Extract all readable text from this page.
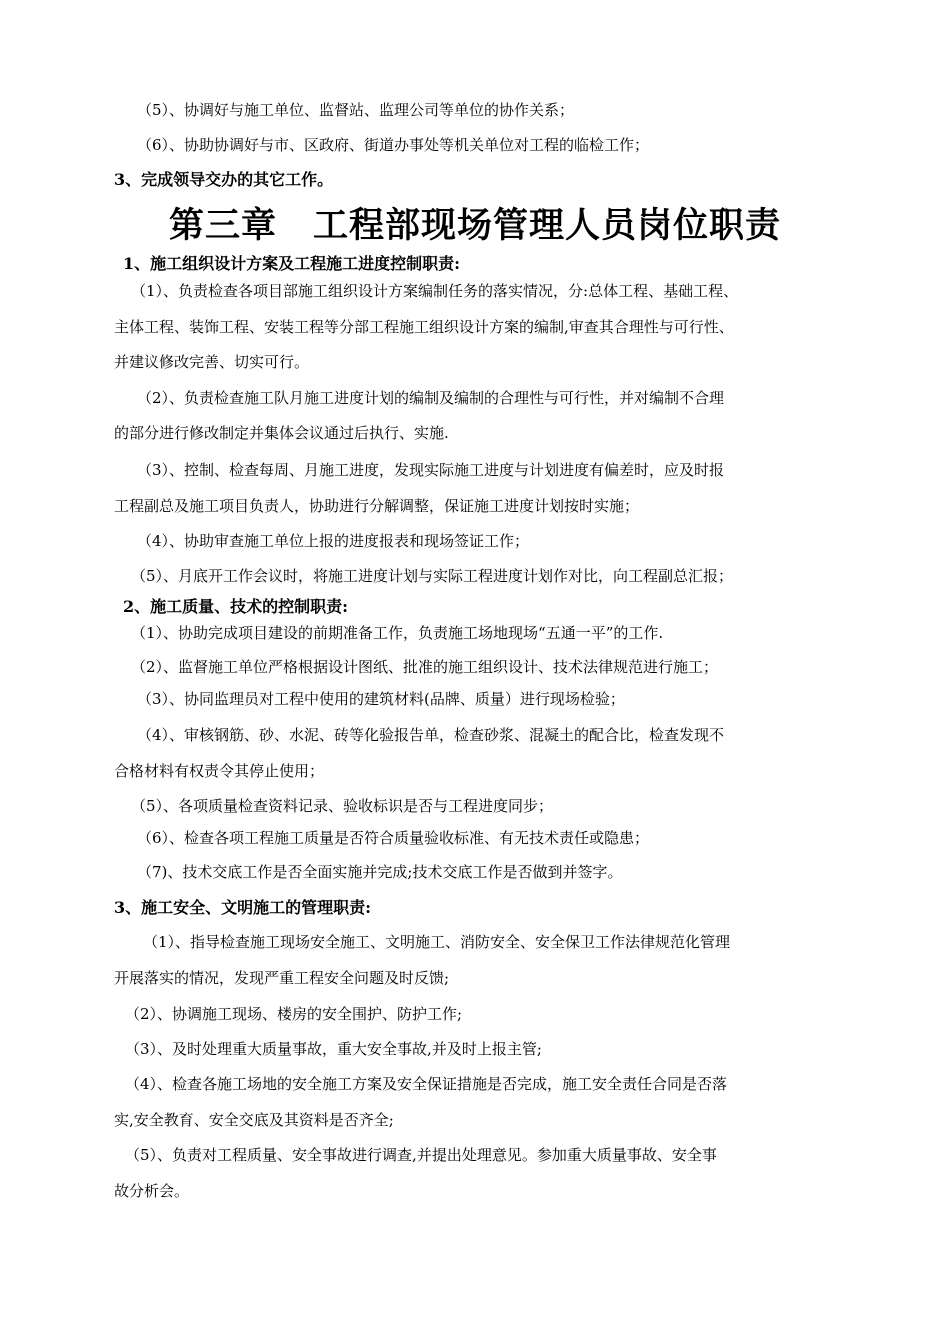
（5）、协调好与施工单位、监督站、监理公司等单位的协作关系；
（6）、协助协调好与市、区政府、街道办事处等机关单位对工程的临检工作；
3、完成领导交办的其它工作。
第三章　工程部现场管理人员岗位职责
1、施工组织设计方案及工程施工进度控制职责:
（1）、负责检查各项目部施工组织设计方案编制任务的落实情况，分:总体工程、基础工程、
主体工程、装饰工程、安装工程等分部工程施工组织设计方案的编制,审查其合理性与可行性、
并建议修改完善、切实可行。
（2）、负责检查施工队月施工进度计划的编制及编制的合理性与可行性，并对编制不合理
的部分进行修改制定并集体会议通过后执行、实施.
（3）、控制、检查每周、月施工进度，发现实际施工进度与计划进度有偏差时，应及时报
工程副总及施工项目负责人，协助进行分解调整，保证施工进度计划按时实施；
（4）、协助审查施工单位上报的进度报表和现场签证工作；
（5）、月底开工作会议时，将施工进度计划与实际工程进度计划作对比，向工程副总汇报；
2、施工质量、技术的控制职责:
（1）、协助完成项目建设的前期准备工作，负责施工场地现场“五通一平”的工作.
（2）、监督施工单位严格根据设计图纸、批准的施工组织设计、技术法律规范进行施工；
（3）、协同监理员对工程中使用的建筑材料(品牌、质量）进行现场检验；
（4）、审核钢筋、砂、水泥、砖等化验报告单，检查砂浆、混凝土的配合比，检查发现不
合格材料有权责令其停止使用；
（5）、各项质量检查资料记录、验收标识是否与工程进度同步；
（6）、检查各项工程施工质量是否符合质量验收标准、有无技术责任或隐患；
（7)、技术交底工作是否全面实施并完成;技术交底工作是否做到并签字。
3、施工安全、文明施工的管理职责:
（1）、指导检查施工现场安全施工、文明施工、消防安全、安全保卫工作法律规范化管理
开展落实的情况，发现严重工程安全问题及时反馈;
（2）、协调施工现场、楼房的安全围护、防护工作;
（3）、及时处理重大质量事故，重大安全事故,并及时上报主管;
（4）、检查各施工场地的安全施工方案及安全保证措施是否完成，施工安全责任合同是否落
实,安全教育、安全交底及其资料是否齐全;
（5）、负责对工程质量、安全事故进行调查,并提出处理意见。参加重大质量事故、安全事
故分析会。
